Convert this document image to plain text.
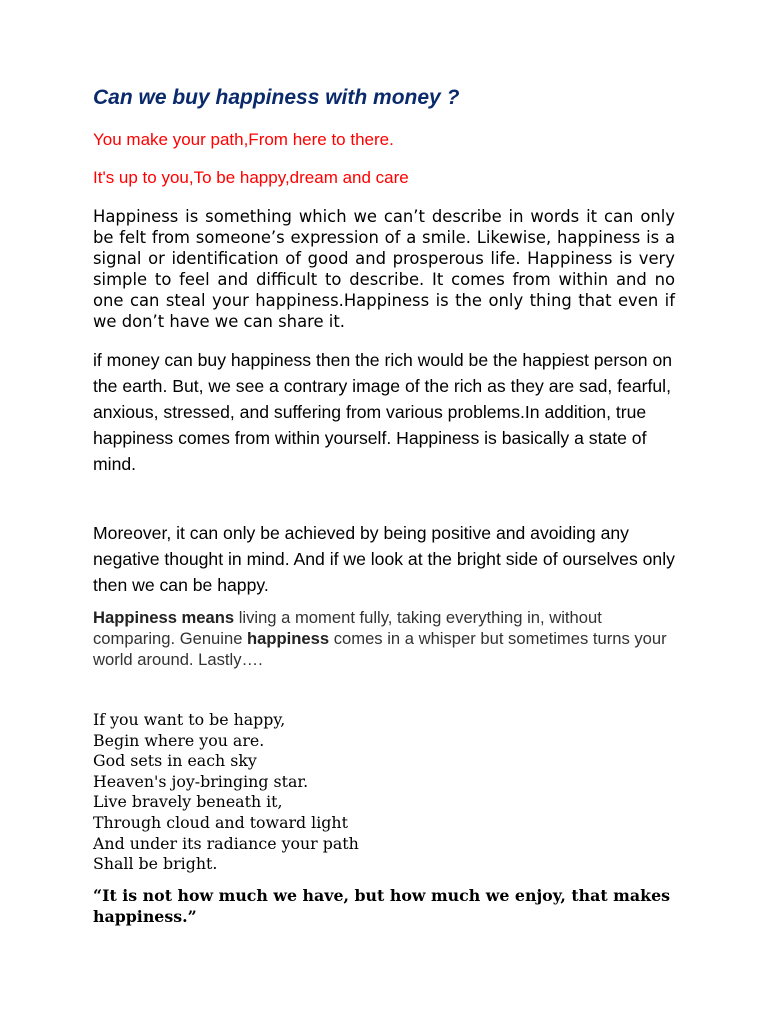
Can we buy happiness with money ?

You make your path,From here to there.

It's up to you,To be happy,dream and care

Happiness is something which we can’t describe in words it can only be felt from someone’s expression of a smile. Likewise, happiness is a signal or identification of good and prosperous life. Happiness is very simple to feel and difficult to describe. It comes from within and no one can steal your happiness.Happiness is the only thing that even if we don’t have we can share it.

if money can buy happiness then the rich would be the happiest person on the earth. But, we see a contrary image of the rich as they are sad, fearful, anxious, stressed, and suffering from various problems.In addition, true happiness comes from within yourself. Happiness is basically a state of mind.

Moreover, it can only be achieved by being positive and avoiding any negative thought in mind. And if we look at the bright side of ourselves only then we can be happy.

Happiness means living a moment fully, taking everything in, without comparing. Genuine happiness comes in a whisper but sometimes turns your world around. Lastly….

If you want to be happy,
Begin where you are.
God sets in each sky
Heaven's joy-bringing star.
Live bravely beneath it,
Through cloud and toward light
And under its radiance your path
Shall be bright.

“It is not how much we have, but how much we enjoy, that makes happiness.”
